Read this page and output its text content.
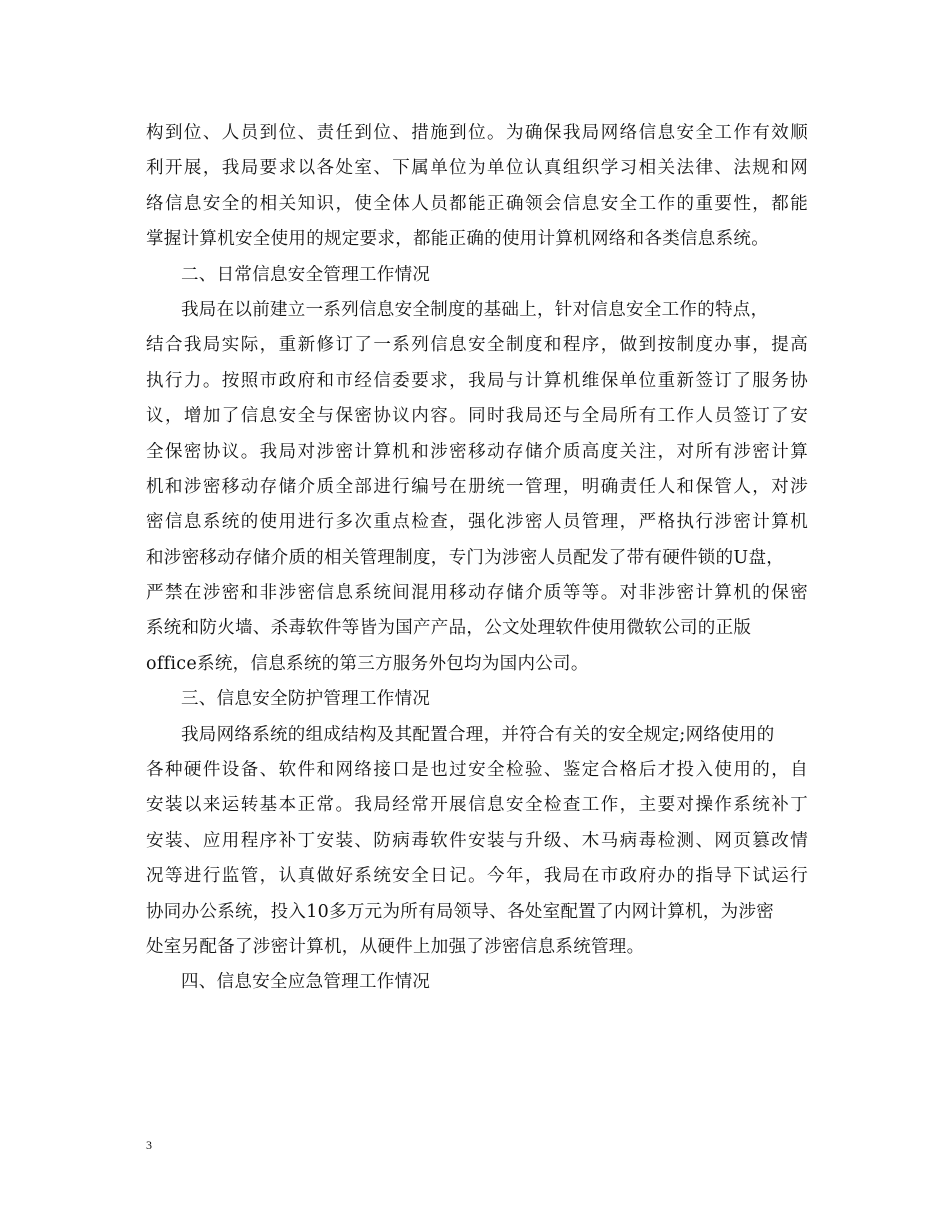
构到位、人员到位、责任到位、措施到位。为确保我局网络信息安全工作有效顺
利开展，我局要求以各处室、下属单位为单位认真组织学习相关法律、法规和网
络信息安全的相关知识，使全体人员都能正确领会信息安全工作的重要性，都能
掌握计算机安全使用的规定要求，都能正确的使用计算机网络和各类信息系统。
二、日常信息安全管理工作情况
我局在以前建立一系列信息安全制度的基础上，针对信息安全工作的特点，
结合我局实际，重新修订了一系列信息安全制度和程序，做到按制度办事，提高
执行力。按照市政府和市经信委要求，我局与计算机维保单位重新签订了服务协
议，增加了信息安全与保密协议内容。同时我局还与全局所有工作人员签订了安
全保密协议。我局对涉密计算机和涉密移动存储介质高度关注，对所有涉密计算
机和涉密移动存储介质全部进行编号在册统一管理，明确责任人和保管人，对涉
密信息系统的使用进行多次重点检查，强化涉密人员管理，严格执行涉密计算机
和涉密移动存储介质的相关管理制度，专门为涉密人员配发了带有硬件锁的U盘，
严禁在涉密和非涉密信息系统间混用移动存储介质等等。对非涉密计算机的保密
系统和防火墙、杀毒软件等皆为国产产品，公文处理软件使用微软公司的正版
office系统，信息系统的第三方服务外包均为国内公司。
三、信息安全防护管理工作情况
我局网络系统的组成结构及其配置合理，并符合有关的安全规定;网络使用的
各种硬件设备、软件和网络接口是也过安全检验、鉴定合格后才投入使用的，自
安装以来运转基本正常。我局经常开展信息安全检查工作，主要对操作系统补丁
安装、应用程序补丁安装、防病毒软件安装与升级、木马病毒检测、网页篡改情
况等进行监管，认真做好系统安全日记。今年，我局在市政府办的指导下试运行
协同办公系统，投入10多万元为所有局领导、各处室配置了内网计算机，为涉密
处室另配备了涉密计算机，从硬件上加强了涉密信息系统管理。
四、信息安全应急管理工作情况
3
